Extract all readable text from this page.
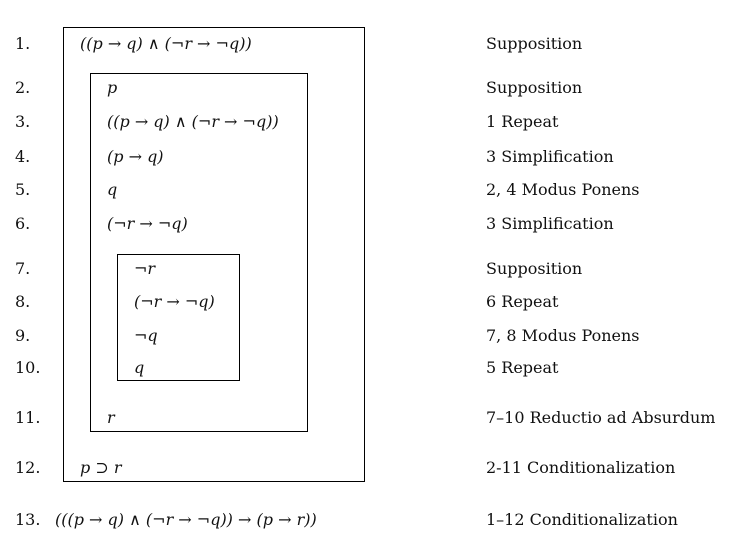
1.	((p → q) ∧ (¬r → ¬q))	Supposition
2.	p	Supposition
3.	((p → q) ∧ (¬r → ¬q))	1 Repeat
4.	(p → q)	3 Simplification
5.	q	2, 4 Modus Ponens
6.	(¬r → ¬q)	3 Simplification
7.	¬r	Supposition
8.	(¬r → ¬q)	6 Repeat
9.	¬q	7, 8 Modus Ponens
10.	q	5 Repeat
11.	r	7–10 Reductio ad Absurdum
12. p ⊃ r	2-11 Conditionalization
13. (((p → q) ∧ (¬r → ¬q)) → (p → r))	1–12 Conditionalization
